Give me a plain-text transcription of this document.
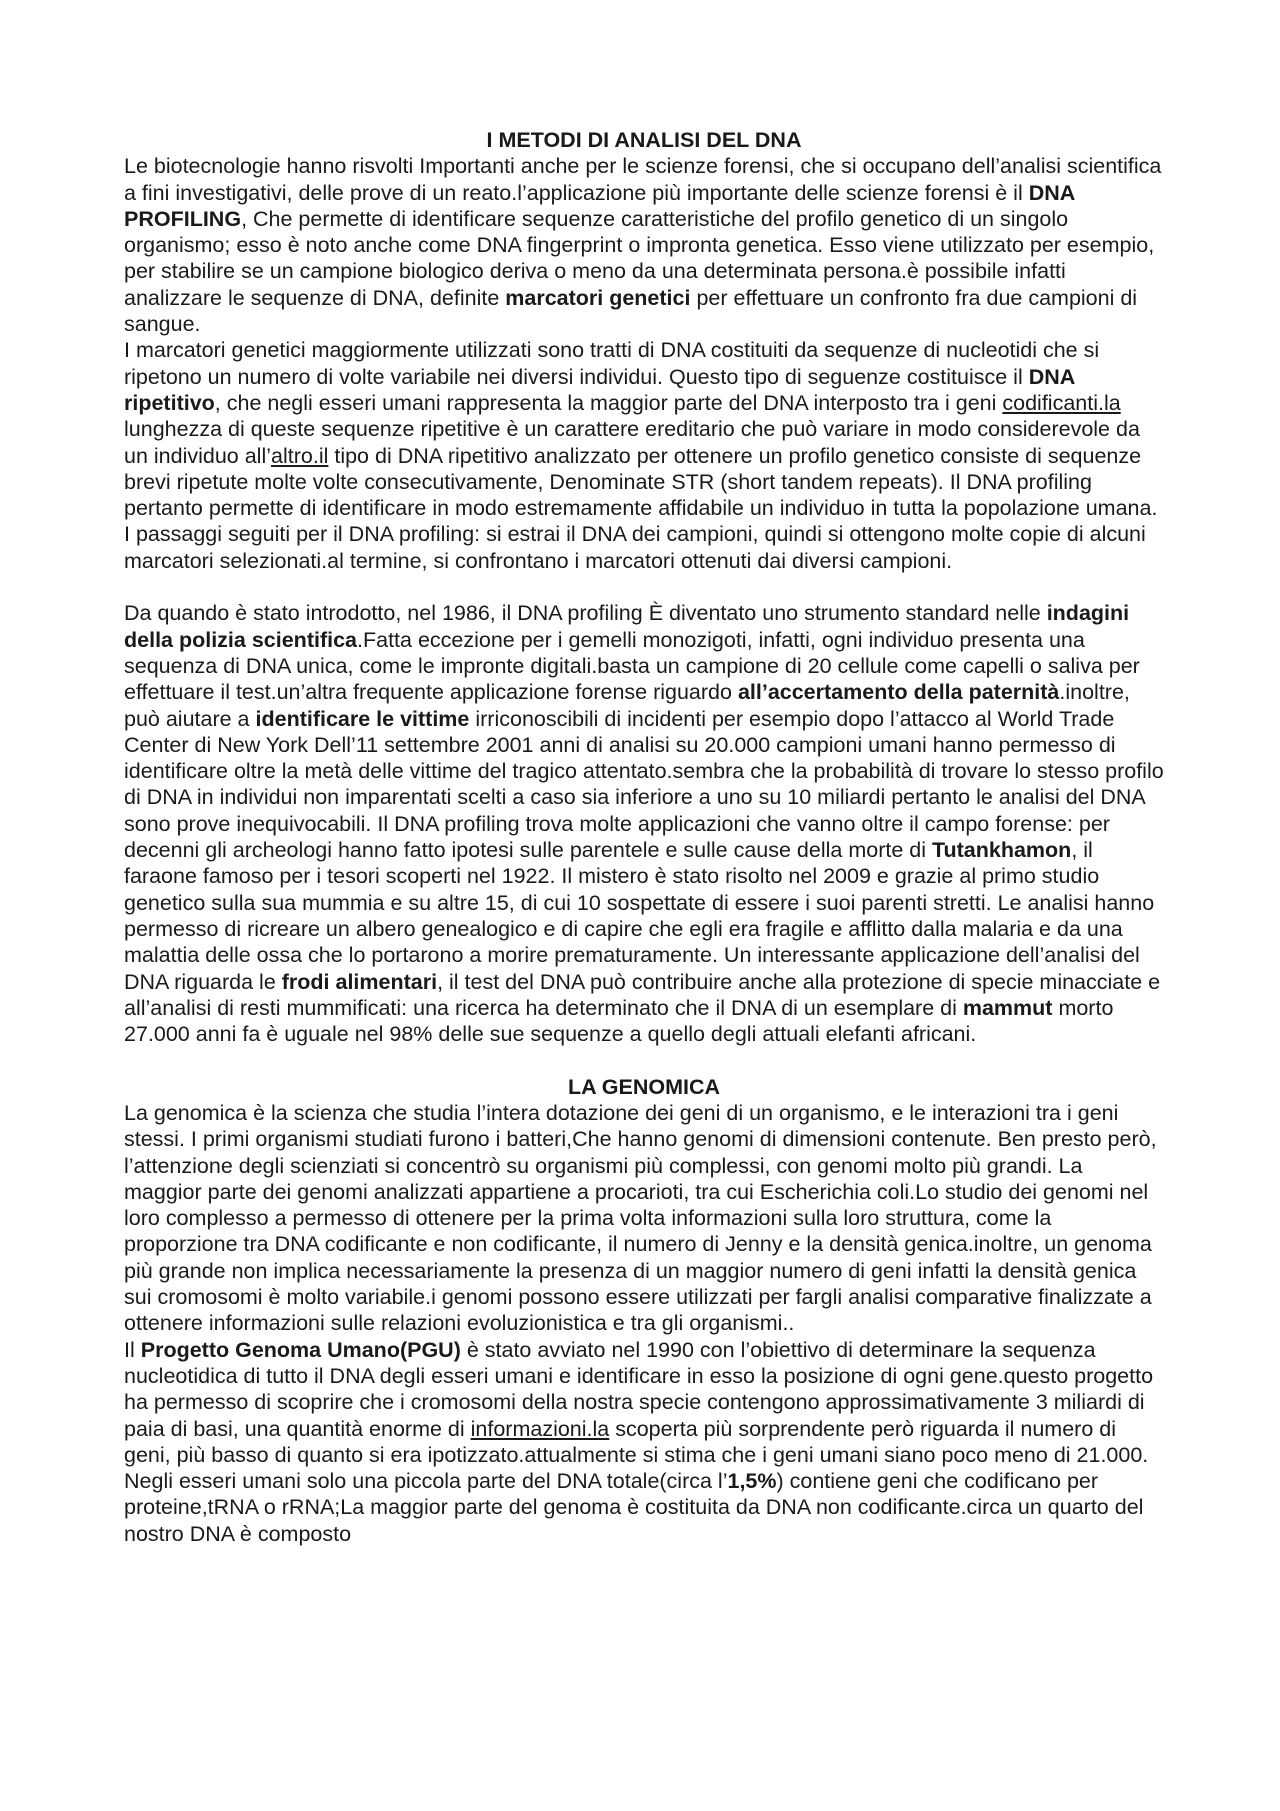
I METODI DI ANALISI DEL DNA

Le biotecnologie hanno risvolti Importanti anche per le scienze forensi, che si occupano dell’analisi scientifica a fini investigativi, delle prove di un reato.l’applicazione più importante delle scienze forensi è il DNA PROFILING, Che permette di identificare sequenze caratteristiche del profilo genetico di un singolo organismo; esso è noto anche come DNA fingerprint o impronta genetica. Esso viene utilizzato per esempio, per stabilire se un campione biologico deriva o meno da una determinata persona.è possibile infatti analizzare le sequenze di DNA, definite marcatori genetici per effettuare un confronto fra due campioni di sangue.

I marcatori genetici maggiormente utilizzati sono tratti di DNA costituiti da sequenze di nucleotidi che si ripetono un numero di volte variabile nei diversi individui. Questo tipo di seguenze costituisce il DNA ripetitivo, che negli esseri umani rappresenta la maggior parte del DNA interposto tra i geni codificanti.la lunghezza di queste sequenze ripetitive è un carattere ereditario che può variare in modo considerevole da un individuo all’altro.il tipo di DNA ripetitivo analizzato per ottenere un profilo genetico consiste di sequenze brevi ripetute molte volte consecutivamente, Denominate STR (short tandem repeats). Il DNA profiling pertanto permette di identificare in modo estremamente affidabile un individuo in tutta la popolazione umana.

I passaggi seguiti per il DNA profiling: si estrai il DNA dei campioni, quindi si ottengono molte copie di alcuni marcatori selezionati.al termine, si confrontano i marcatori ottenuti dai diversi campioni.

Da quando è stato introdotto, nel 1986, il DNA profiling È diventato uno strumento standard nelle indagini della polizia scientifica.Fatta eccezione per i gemelli monozigoti, infatti, ogni individuo presenta una sequenza di DNA unica, come le impronte digitali.basta un campione di 20 cellule come capelli o saliva per effettuare il test.un’altra frequente applicazione forense riguardo all’accertamento della paternità.inoltre, può aiutare a identificare le vittime irriconoscibili di incidenti per esempio dopo l’attacco al World Trade Center di New York Dell’11 settembre 2001 anni di analisi su 20.000 campioni umani hanno permesso di identificare oltre la metà delle vittime del tragico attentato.sembra che la probabilità di trovare lo stesso profilo di DNA in individui non imparentati scelti a caso sia inferiore a uno su 10 miliardi pertanto le analisi del DNA sono prove inequivocabili. Il DNA profiling trova molte applicazioni che vanno oltre il campo forense: per decenni gli archeologi hanno fatto ipotesi sulle parentele e sulle cause della morte di Tutankhamon, il faraone famoso per i tesori scoperti nel 1922. Il mistero è stato risolto nel 2009 e grazie al primo studio genetico sulla sua mummia e su altre 15, di cui 10 sospettate di essere i suoi parenti stretti. Le analisi hanno permesso di ricreare un albero genealogico e di capire che egli era fragile e afflitto dalla malaria e da una malattia delle ossa che lo portarono a morire prematuramente. Un interessante applicazione dell’analisi del DNA riguarda le frodi alimentari, il test del DNA può contribuire anche alla protezione di specie minacciate e all’analisi di resti mummificati: una ricerca ha determinato che il DNA di un esemplare di mammut morto 27.000 anni fa è uguale nel 98% delle sue sequenze a quello degli attuali elefanti africani.

LA GENOMICA

La genomica è la scienza che studia l’intera dotazione dei geni di un organismo, e le interazioni tra i geni stessi. I primi organismi studiati furono i batteri,Che hanno genomi di dimensioni contenute. Ben presto però, l’attenzione degli scienziati si concentrò su organismi più complessi, con genomi molto più grandi. La maggior parte dei genomi analizzati appartiene a procarioti, tra cui Escherichia coli.Lo studio dei genomi nel loro complesso a permesso di ottenere per la prima volta informazioni sulla loro struttura, come la proporzione tra DNA codificante e non codificante, il numero di Jenny e la densità genica.inoltre, un genoma più grande non implica necessariamente la presenza di un maggior numero di geni infatti la densità genica sui cromosomi è molto variabile.i genomi possono essere utilizzati per fargli analisi comparative finalizzate a ottenere informazioni sulle relazioni evoluzionistica e tra gli organismi..

Il Progetto Genoma Umano(PGU) è stato avviato nel 1990 con l’obiettivo di determinare la sequenza nucleotidica di tutto il DNA degli esseri umani e identificare in esso la posizione di ogni gene.questo progetto ha permesso di scoprire che i cromosomi della nostra specie contengono approssimativamente 3 miliardi di paia di basi, una quantità enorme di informazioni.la scoperta più sorprendente però riguarda il numero di geni, più basso di quanto si era ipotizzato.attualmente si stima che i geni umani siano poco meno di 21.000. Negli esseri umani solo una piccola parte del DNA totale(circa l’1,5%) contiene geni che codificano per proteine,tRNA o rRNA;La maggior parte del genoma è costituita da DNA non codificante.circa un quarto del nostro DNA è composto
